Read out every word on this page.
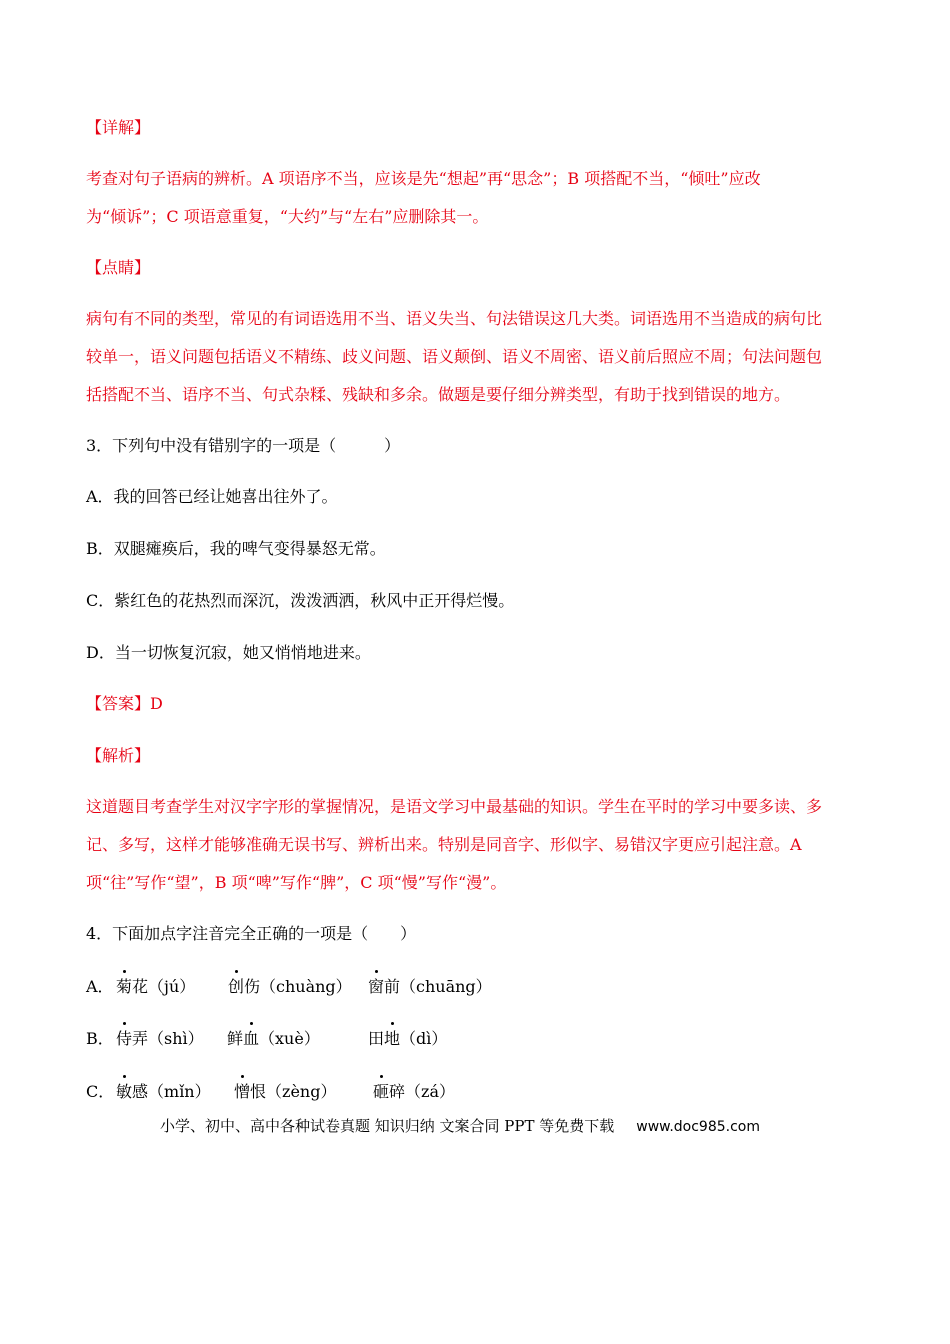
【详解】
考查对句子语病的辨析。A 项语序不当，应该是先“想起”再“思念”；B 项搭配不当，“倾吐”应改
为“倾诉”；C 项语意重复，“大约”与“左右”应删除其一。
【点睛】
病句有不同的类型，常见的有词语选用不当、语义失当、句法错误这几大类。词语选用不当造成的病句比
较单一，语义问题包括语义不精练、歧义问题、语义颠倒、语义不周密、语义前后照应不周；句法问题包
括搭配不当、语序不当、句式杂糅、残缺和多余。做题是要仔细分辨类型，有助于找到错误的地方。
3．下列句中没有错别字的一项是（　　　）
A．我的回答已经让她喜出往外了。
B．双腿瘫痪后，我的啤气变得暴怒无常。
C．紫红色的花热烈而深沉，泼泼洒洒，秋风中正开得烂慢。
D．当一切恢复沉寂，她又悄悄地进来。
【答案】D
【解析】
这道题目考查学生对汉字字形的掌握情况，是语文学习中最基础的知识。学生在平时的学习中要多读、多
记、多写，这样才能够准确无误书写、辨析出来。特别是同音字、形似字、易错汉字更应引起注意。A
项“往”写作“望”，B 项“啤”写作“脾”，C 项“慢”写作“漫”。
4．下面加点字注音完全正确的一项是（　　）
A． 菊花（jú） 创伤（chuàng） 窗前（chuāng）
B． 侍弄（shì） 鲜血（xuè）	田地（dì）
C． 敏感（mǐn） 憎恨（zèng） 砸碎（zá）
小学、初中、高中各种试卷真题 知识归纳 文案合同 PPT 等免费下载 www.doc985.com
